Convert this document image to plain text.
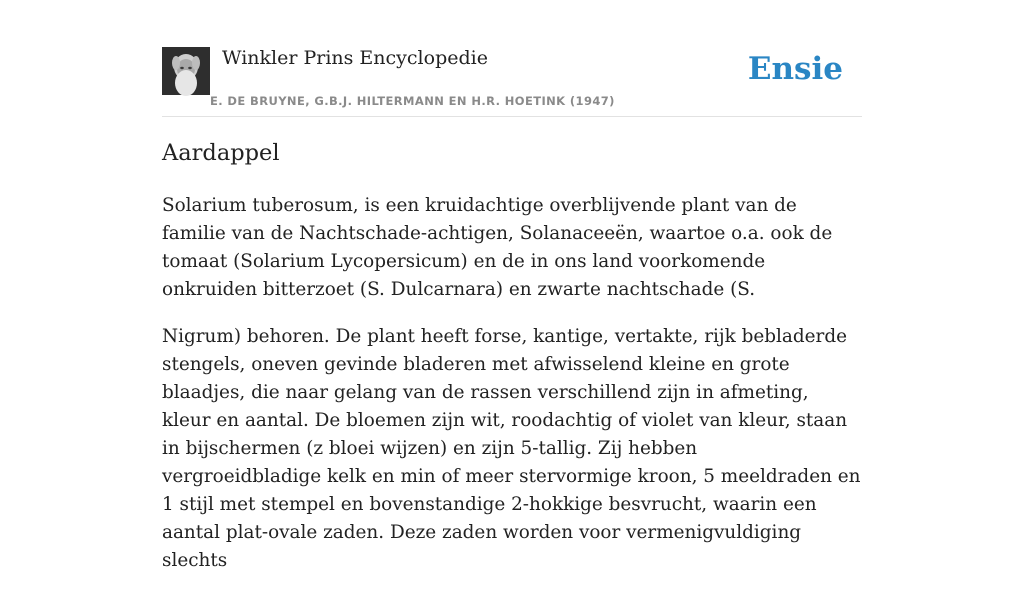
Winkler Prins Encyclopedie
E. DE BRUYNE, G.B.J. HILTERMANN EN H.R. HOETINK (1947)
Ensie
Aardappel

Solarium tuberosum, is een kruidachtige overblijvende plant van de familie van de Nachtschade-achtigen, Solanaceeën, waartoe o.a. ook de tomaat (Solarium Lycopersicum) en de in ons land voorkomende onkruiden bitterzoet (S. Dulcarnara) en zwarte nachtschade (S.

Nigrum) behoren. De plant heeft forse, kantige, vertakte, rijk bebladerde stengels, oneven gevinde bladeren met afwisselend kleine en grote blaadjes, die naar gelang van de rassen verschillend zijn in afmeting, kleur en aantal. De bloemen zijn wit, roodachtig of violet van kleur, staan in bijschermen (z bloei wijzen) en zijn 5-tallig. Zij hebben vergroeidbladige kelk en min of meer stervormige kroon, 5 meeldraden en 1 stijl met stempel en bovenstandige 2-hokkige besvrucht, waarin een aantal plat-ovale zaden. Deze zaden worden voor vermenigvuldiging slechts
